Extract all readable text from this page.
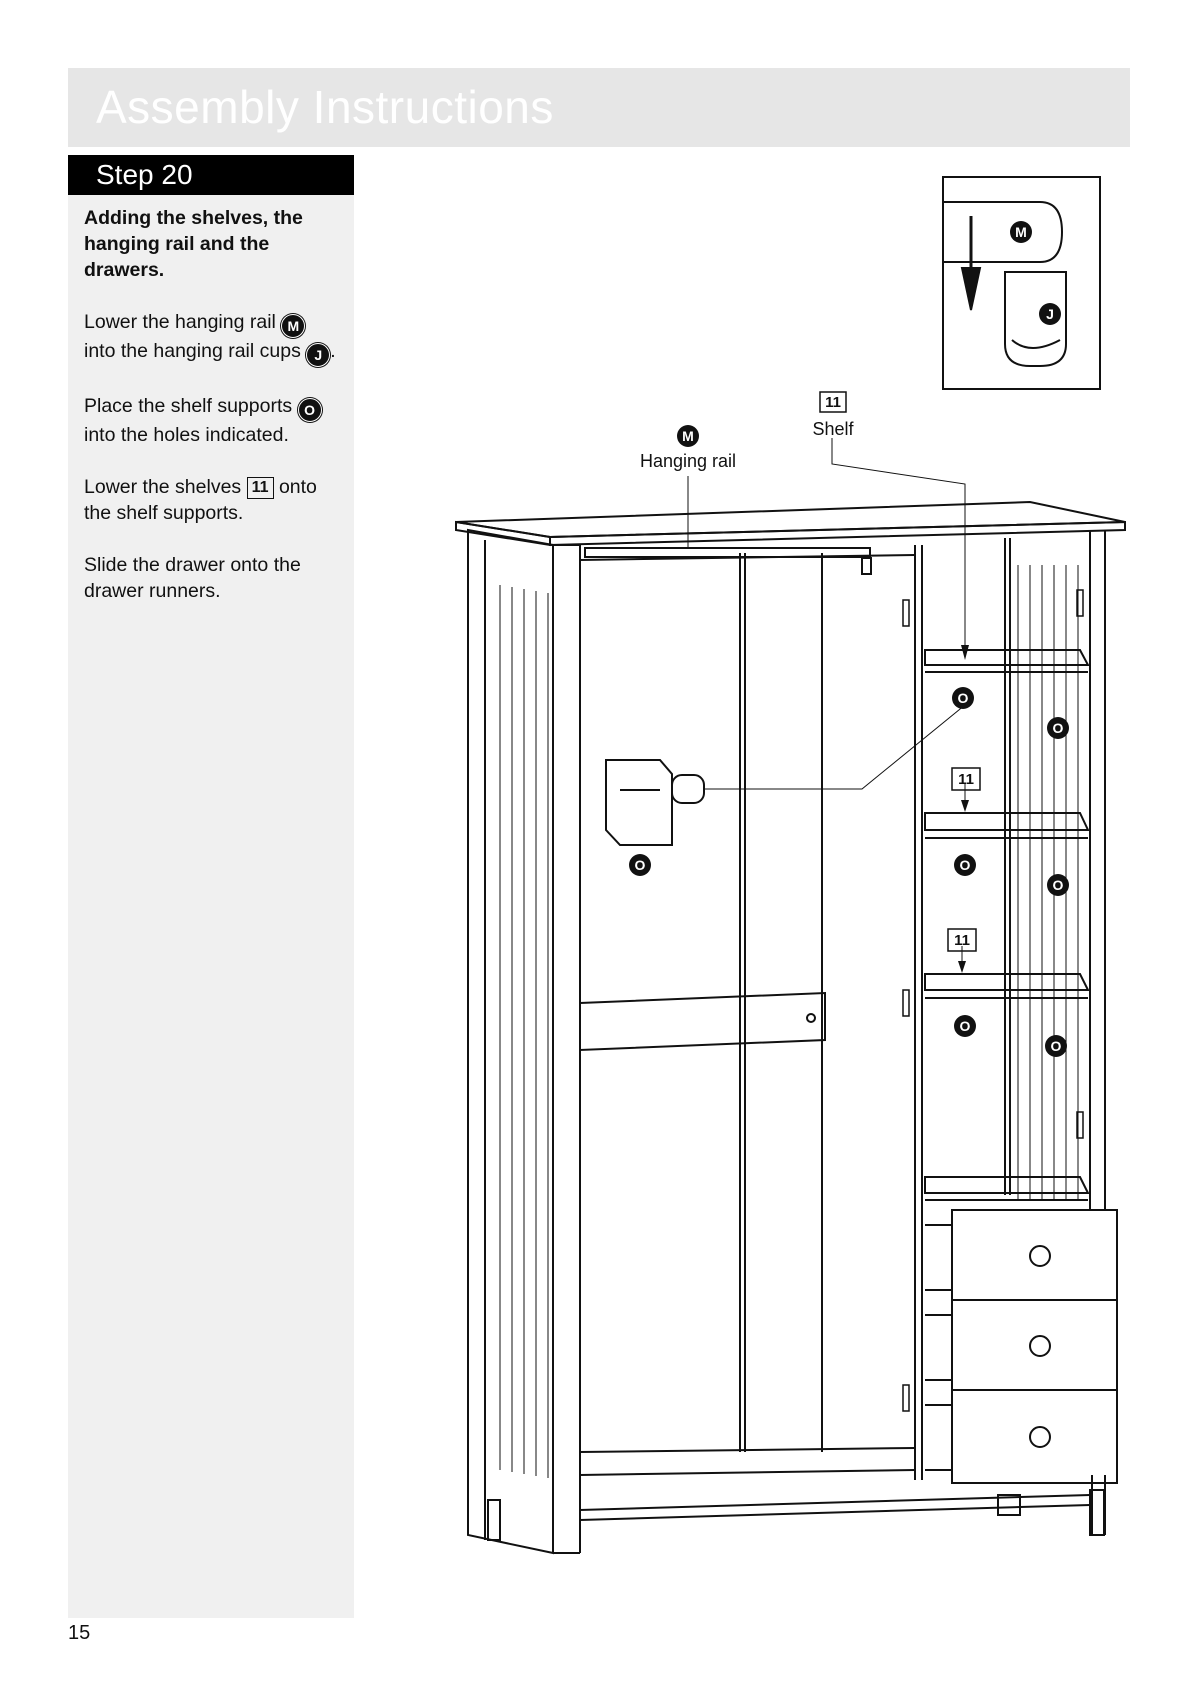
Assembly Instructions
Step 20

Adding the shelves, the hanging rail and the drawers.

Lower the hanging rail M into the hanging rail cups J .

Place the shelf supports O into the holes indicated.

Lower the shelves 11 onto the shelf supports.

Slide the drawer onto the drawer runners.

M
J
M
O
O
O
O
O
O
O
11
11
11
Shelf
Hanging rail
15
